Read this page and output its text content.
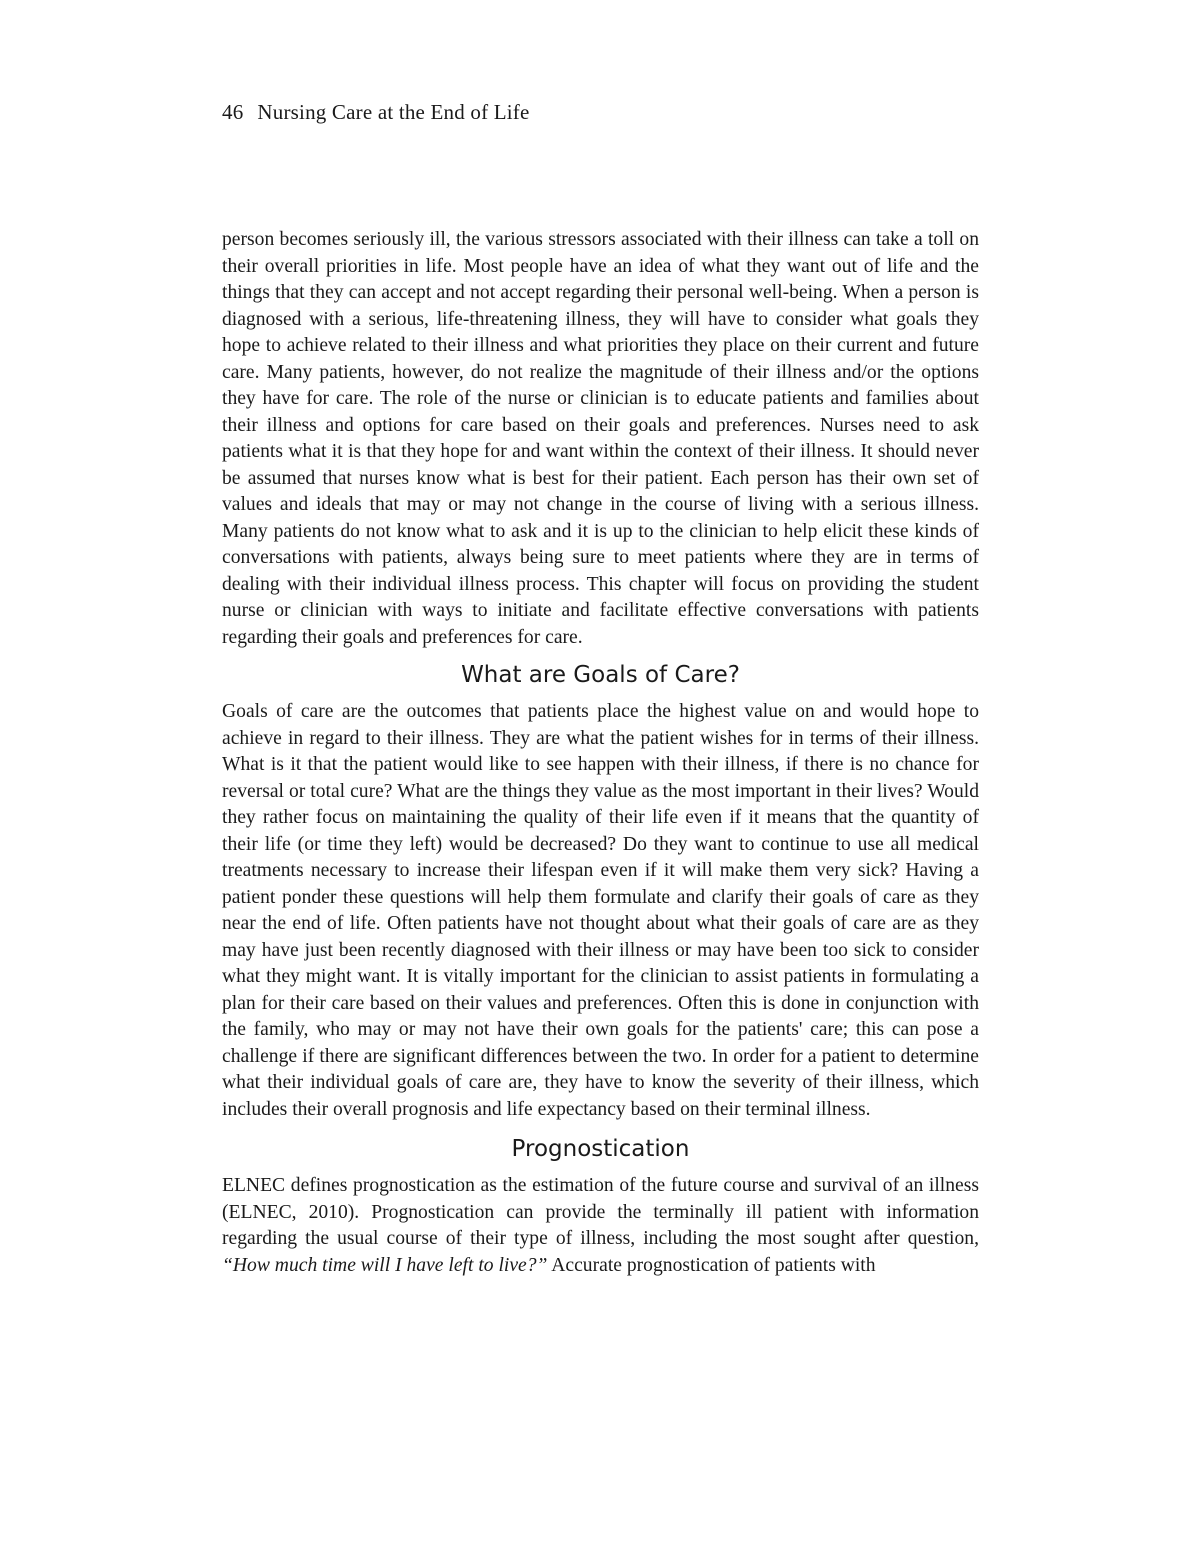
46 Nursing Care at the End of Life

person becomes seriously ill, the various stressors associated with their illness can take a toll on their overall priorities in life. Most people have an idea of what they want out of life and the things that they can accept and not accept regarding their personal well-being. When a person is diagnosed with a serious, life-threatening illness, they will have to consider what goals they hope to achieve related to their illness and what priorities they place on their current and future care. Many patients, however, do not realize the magnitude of their illness and/or the options they have for care. The role of the nurse or clinician is to educate patients and families about their illness and options for care based on their goals and preferences. Nurses need to ask patients what it is that they hope for and want within the context of their illness. It should never be assumed that nurses know what is best for their patient. Each person has their own set of values and ideals that may or may not change in the course of living with a serious illness. Many patients do not know what to ask and it is up to the clinician to help elicit these kinds of conversations with patients, always being sure to meet patients where they are in terms of dealing with their individual illness process. This chapter will focus on providing the student nurse or clinician with ways to initiate and facilitate effective conversations with patients regarding their goals and preferences for care.

What are Goals of Care?

Goals of care are the outcomes that patients place the highest value on and would hope to achieve in regard to their illness. They are what the patient wishes for in terms of their illness. What is it that the patient would like to see happen with their illness, if there is no chance for reversal or total cure? What are the things they value as the most important in their lives? Would they rather focus on maintaining the quality of their life even if it means that the quantity of their life (or time they left) would be decreased? Do they want to continue to use all medical treatments necessary to increase their lifespan even if it will make them very sick? Having a patient ponder these questions will help them formulate and clarify their goals of care as they near the end of life. Often patients have not thought about what their goals of care are as they may have just been recently diagnosed with their illness or may have been too sick to consider what they might want. It is vitally important for the clinician to assist patients in formulating a plan for their care based on their values and preferences. Often this is done in conjunction with the family, who may or may not have their own goals for the patients' care; this can pose a challenge if there are significant differences between the two. In order for a patient to determine what their individual goals of care are, they have to know the severity of their illness, which includes their overall prognosis and life expectancy based on their terminal illness.

Prognostication

ELNEC defines prognostication as the estimation of the future course and survival of an illness (ELNEC, 2010). Prognostication can provide the terminally ill patient with information regarding the usual course of their type of illness, including the most sought after question, “How much time will I have left to live?” Accurate prognostication of patients with
